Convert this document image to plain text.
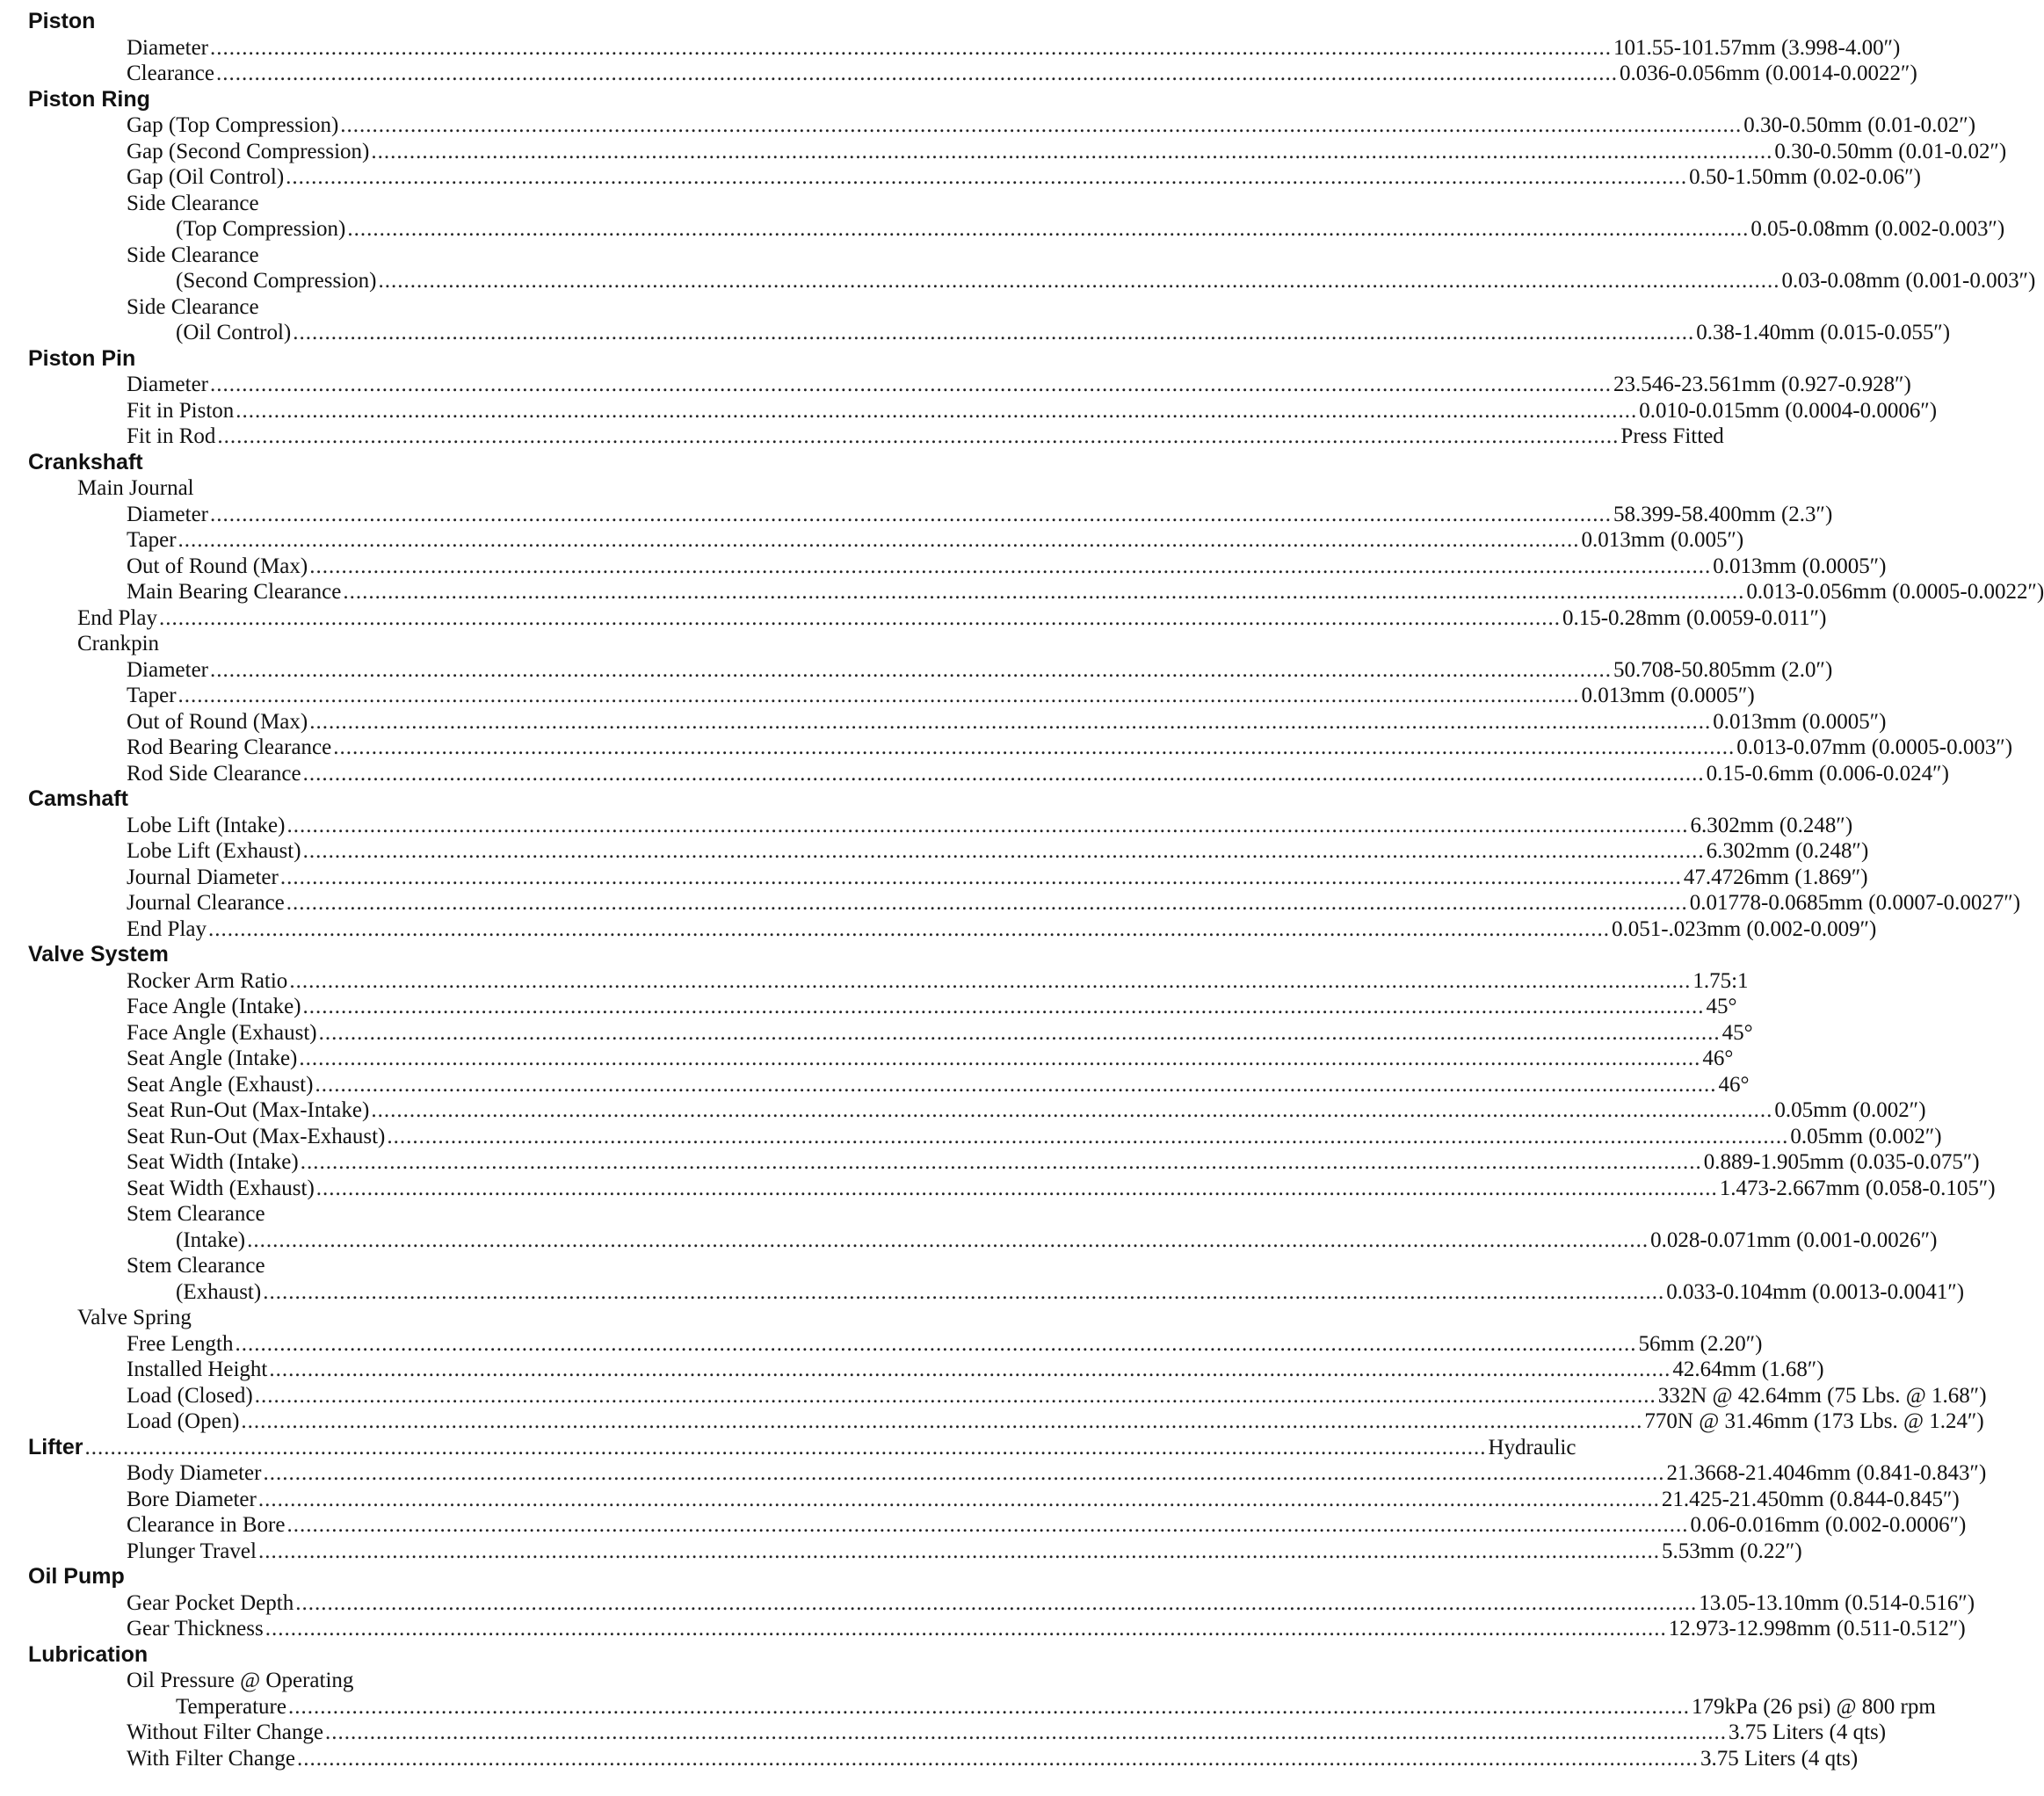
Piston
Diameter ............................................................................................................................................................................................................................ 101.55-101.57mm (3.998-4.00″)
Clearance ............................................................................................................................................................................................................................ 0.036-0.056mm (0.0014-0.0022″)
Piston Ring
Gap (Top Compression) ............................................................................................................................................................................................................................ 0.30-0.50mm (0.01-0.02″)
Gap (Second Compression) ............................................................................................................................................................................................................................ 0.30-0.50mm (0.01-0.02″)
Gap (Oil Control) ............................................................................................................................................................................................................................ 0.50-1.50mm (0.02-0.06″)
Side Clearance
(Top Compression) ............................................................................................................................................................................................................................ 0.05-0.08mm (0.002-0.003″)
Side Clearance
(Second Compression) ............................................................................................................................................................................................................................ 0.03-0.08mm (0.001-0.003″)
Side Clearance
(Oil Control) ............................................................................................................................................................................................................................ 0.38-1.40mm (0.015-0.055″)
Piston Pin
Diameter ............................................................................................................................................................................................................................ 23.546-23.561mm (0.927-0.928″)
Fit in Piston ............................................................................................................................................................................................................................ 0.010-0.015mm (0.0004-0.0006″)
Fit in Rod ............................................................................................................................................................................................................................ Press Fitted
Crankshaft
Main Journal
Diameter ............................................................................................................................................................................................................................ 58.399-58.400mm (2.3″)
Taper ............................................................................................................................................................................................................................ 0.013mm (0.005″)
Out of Round (Max) ............................................................................................................................................................................................................................ 0.013mm (0.0005″)
Main Bearing Clearance ............................................................................................................................................................................................................................ 0.013-0.056mm (0.0005-0.0022″)
End Play ............................................................................................................................................................................................................................ 0.15-0.28mm (0.0059-0.011″)
Crankpin
Diameter ............................................................................................................................................................................................................................ 50.708-50.805mm (2.0″)
Taper ............................................................................................................................................................................................................................ 0.013mm (0.0005″)
Out of Round (Max) ............................................................................................................................................................................................................................ 0.013mm (0.0005″)
Rod Bearing Clearance ............................................................................................................................................................................................................................ 0.013-0.07mm (0.0005-0.003″)
Rod Side Clearance ............................................................................................................................................................................................................................ 0.15-0.6mm (0.006-0.024″)
Camshaft
Lobe Lift (Intake) ............................................................................................................................................................................................................................ 6.302mm (0.248″)
Lobe Lift (Exhaust) ............................................................................................................................................................................................................................ 6.302mm (0.248″)
Journal Diameter ............................................................................................................................................................................................................................ 47.4726mm (1.869″)
Journal Clearance ............................................................................................................................................................................................................................ 0.01778-0.0685mm (0.0007-0.0027″)
End Play ............................................................................................................................................................................................................................ 0.051-.023mm (0.002-0.009″)
Valve System
Rocker Arm Ratio ............................................................................................................................................................................................................................ 1.75:1
Face Angle (Intake) ............................................................................................................................................................................................................................ 45°
Face Angle (Exhaust) ............................................................................................................................................................................................................................ 45°
Seat Angle (Intake) ............................................................................................................................................................................................................................ 46°
Seat Angle (Exhaust) ............................................................................................................................................................................................................................ 46°
Seat Run-Out (Max-Intake) ............................................................................................................................................................................................................................ 0.05mm (0.002″)
Seat Run-Out (Max-Exhaust) ............................................................................................................................................................................................................................ 0.05mm (0.002″)
Seat Width (Intake) ............................................................................................................................................................................................................................ 0.889-1.905mm (0.035-0.075″)
Seat Width (Exhaust) ............................................................................................................................................................................................................................ 1.473-2.667mm (0.058-0.105″)
Stem Clearance
(Intake) ............................................................................................................................................................................................................................ 0.028-0.071mm (0.001-0.0026″)
Stem Clearance
(Exhaust) ............................................................................................................................................................................................................................ 0.033-0.104mm (0.0013-0.0041″)
Valve Spring
Free Length ............................................................................................................................................................................................................................ 56mm (2.20″)
Installed Height ............................................................................................................................................................................................................................ 42.64mm (1.68″)
Load (Closed) ............................................................................................................................................................................................................................ 332N @ 42.64mm (75 Lbs. @ 1.68″)
Load (Open) ............................................................................................................................................................................................................................ 770N @ 31.46mm (173 Lbs. @ 1.24″)
Lifter ............................................................................................................................................................................................................................ Hydraulic
Body Diameter ............................................................................................................................................................................................................................ 21.3668-21.4046mm (0.841-0.843″)
Bore Diameter ............................................................................................................................................................................................................................ 21.425-21.450mm (0.844-0.845″)
Clearance in Bore ............................................................................................................................................................................................................................ 0.06-0.016mm (0.002-0.0006″)
Plunger Travel ............................................................................................................................................................................................................................ 5.53mm (0.22″)
Oil Pump
Gear Pocket Depth ............................................................................................................................................................................................................................ 13.05-13.10mm (0.514-0.516″)
Gear Thickness ............................................................................................................................................................................................................................ 12.973-12.998mm (0.511-0.512″)
Lubrication
Oil Pressure @ Operating
Temperature ............................................................................................................................................................................................................................ 179kPa (26 psi) @ 800 rpm
Without Filter Change ............................................................................................................................................................................................................................ 3.75 Liters (4 qts)
With Filter Change ............................................................................................................................................................................................................................ 3.75 Liters (4 qts)
